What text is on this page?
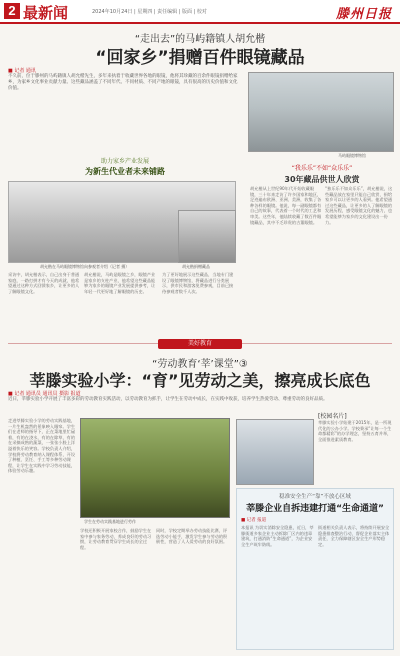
2 最新闻	2024年10月24日 | 星期四 | 责任编辑 | 版面 | 校对	滕州日报
“走出去”的马屿籍镇人胡允楷
“回家乡”捐赠百件眼镜藏品
■ 记者 通讯
不久前，位于滕州的马屿籍镇人胡允楷先生，多年来执着于收藏世界各地的眼镜，他将其珍藏的百余件眼镜捐赠给家乡，为家乡文化事业贡献力量。这些藏品涵盖了不同年代、不同材质、不同产地的眼镜，具有很高的历史价值和文化价值。
马屿眼镜博物馆
助力家乡产业发展
为新生代业者未来铺路
胡允楷在马屿眼镜博物馆向参观者介绍（记者 摄）	胡允楷捐赠藏品
“我乐乐”不如“众乐乐”
30年藏品供世人欣赏
采访中，胡允楷表示，自己出身于普通家庭，一路打拼才有今天的成就，他希望通过这种方式回馈家乡，让更多的人了解眼镜文化。
胡允楷说，马屿是眼镜之乡，眼镜产业是家乡的支柱产业，他希望这些藏品能够为家乡的眼镜产业发展提供参考，让年轻一代更好地了解眼镜的历史。
为了更好地展示这些藏品，当地专门建设了眼镜博物馆，将藏品进行分类展示，供市民和游客免费参观，目前已接待参观者数千人次。
胡允楷从上世纪90年代开始收藏眼镜，三十年来走访了许多国家和地区，足迹遍布欧洲、亚洲、美洲，收集了各种各样的眼镜。他说，每一副眼镜都有自己的故事，代表着一个时代的工艺和审美。这些年，他陆续收藏了数百件眼镜藏品，其中不乏珍贵的古董眼镜。
“独乐乐不如众乐乐”，胡允楷说，这些藏品放在家里只能自己欣赏，捐给家乡可以让更多的人看到。他希望通过这些藏品，让更多的人了解眼镜的发展历程，感受眼镜文化的魅力，也希望能够为家乡的文化建设出一份力。
美好教育
“劳动教育‘莘’课堂”③
莘滕实验小学：“育”见劳动之美，擦亮成长底色
■ 记者 通讯员 通讯员 摄影 报道
近日，莘滕实验小学开展了丰富多彩的劳动教育实践活动，以劳动教育为抓手，让学生在劳动中成长，在实践中收获，培养学生热爱劳动、尊重劳动的良好品质。
走进莘滕实验小学的劳动实践基地，一片生机盎然的景象映入眼帘。学生们在老师的指导下，正在菜地里忙碌着，有的在浇水，有的在除草，有的在采摘成熟的蔬菜，一张张小脸上洋溢着快乐的笑容。学校负责人介绍，学校将劳动教育纳入课程体系，开设了种植、烹饪、手工等多种劳动课程，让学生在实践中学习劳动技能，体验劳动乐趣。
学生在劳动实践基地进行劳作
学校还积极开展家校合作，鼓励学生在家中参与家务劳动，养成良好的劳动习惯，让劳动教育贯穿学生成长的全过程。
同时，学校定期举办劳动技能比赛，评选劳动小能手，激发学生参与劳动的积极性，营造了人人爱劳动的良好氛围。
[校园名片]
莘滕实验小学始建于2015年，是一所现代化的公办小学。学校秉承“让每一个生命都精彩”的办学理念，坚持五育并举，全面推进素质教育。
稳准安全生产“靠”不放心区域
莘滕企业自拆违建打通“生命通道”
■ 记者 报道
本报讯 为切实消除安全隐患，近日，莘滕街道多家企业主动拆除厂区内的违章建筑，打通消防“生命通道”，为企业安全生产筑牢防线。
街道相关负责人表示，将持续开展安全隐患排查整治行动，督促企业落实主体责任，全力保障辖区安全生产形势稳定。
